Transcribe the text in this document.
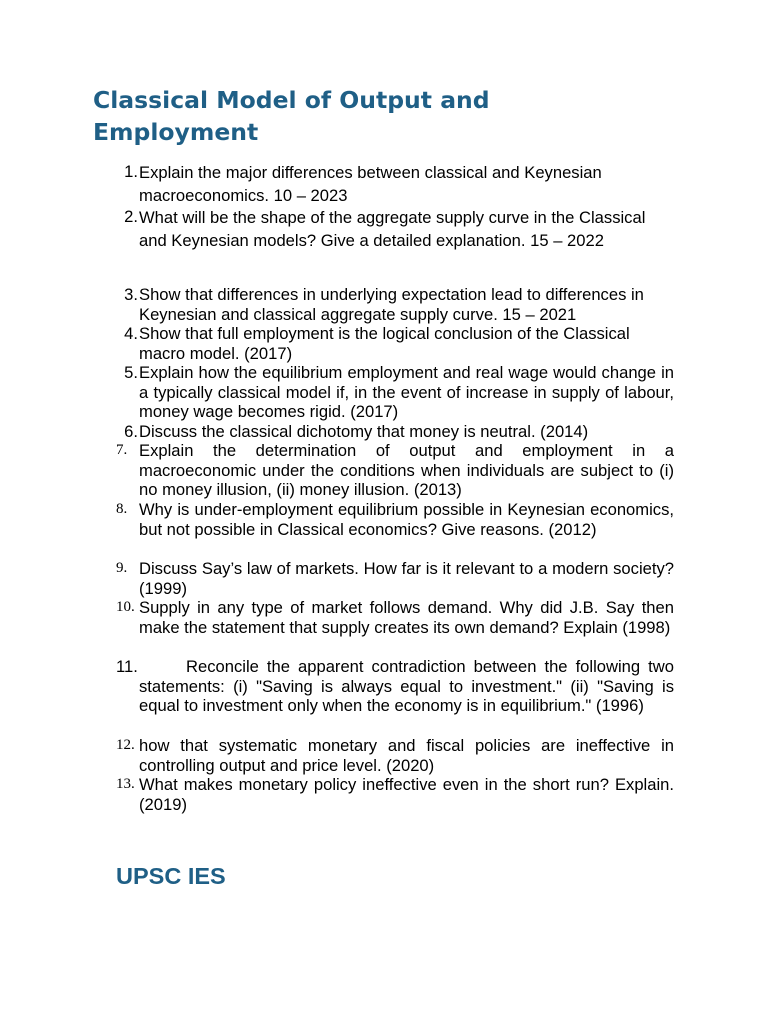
Classical Model of Output and Employment
1. Explain the major differences between classical and Keynesian macroeconomics. 10 – 2023
2. What will be the shape of the aggregate supply curve in the Classical and Keynesian models? Give a detailed explanation. 15 – 2022
3. Show that differences in underlying expectation lead to differences in Keynesian and classical aggregate supply curve. 15 – 2021
4. Show that full employment is the logical conclusion of the Classical macro model. (2017)
5. Explain how the equilibrium employment and real wage would change in a typically classical model if, in the event of increase in supply of labour, money wage becomes rigid. (2017)
6. Discuss the classical dichotomy that money is neutral. (2014)
7. Explain the determination of output and employment in a macroeconomic under the conditions when individuals are subject to (i) no money illusion, (ii) money illusion. (2013)
8. Why is under-employment equilibrium possible in Keynesian economics, but not possible in Classical economics? Give reasons. (2012)
9. Discuss Say’s law of markets. How far is it relevant to a modern society? (1999)
10. Supply in any type of market follows demand. Why did J.B. Say then make the statement that supply creates its own demand? Explain (1998)
11.	Reconcile the apparent contradiction between the following two statements: (i) "Saving is always equal to investment." (ii) "Saving is equal to investment only when the economy is in equilibrium." (1996)
12. how that systematic monetary and fiscal policies are ineffective in controlling output and price level. (2020)
13. What makes monetary policy ineffective even in the short run? Explain. (2019)
UPSC IES
